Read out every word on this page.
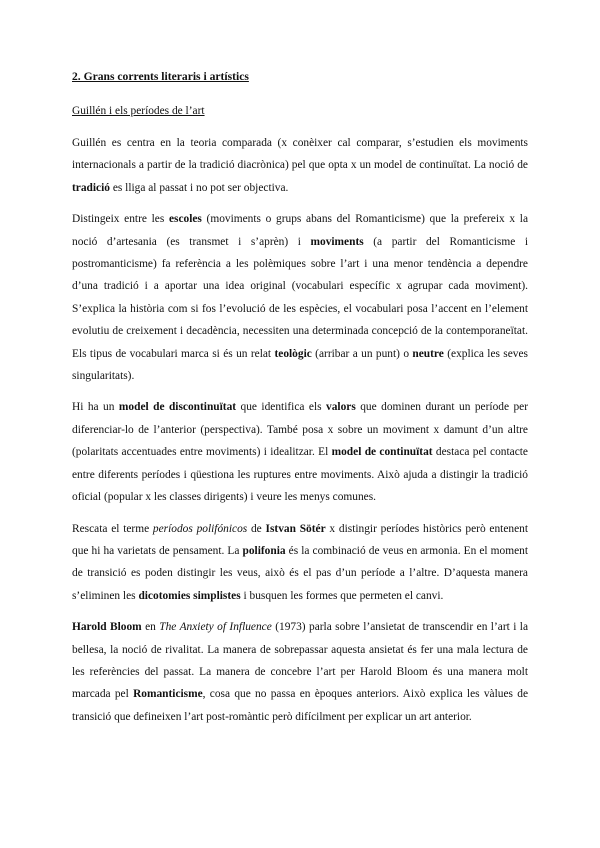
2. Grans corrents literaris i artístics

Guillén i els períodes de l’art

Guillén es centra en la teoria comparada (x conèixer cal comparar, s’estudien els moviments internacionals a partir de la tradició diacrònica) pel que opta x un model de continuïtat. La noció de tradició es lliga al passat i no pot ser objectiva.

Distingeix entre les escoles (moviments o grups abans del Romanticisme) que la prefereix x la noció d’artesania (es transmet i s’aprèn) i moviments (a partir del Romanticisme i postromanticisme) fa referència a les polèmiques sobre l’art i una menor tendència a dependre d’una tradició i a aportar una idea original (vocabulari específic x agrupar cada moviment). S’explica la història com si fos l’evolució de les espècies, el vocabulari posa l’accent en l’element evolutiu de creixement i decadència, necessiten una determinada concepció de la contemporaneïtat. Els tipus de vocabulari marca si és un relat teològic (arribar a un punt) o neutre (explica les seves singularitats).

Hi ha un model de discontinuïtat que identifica els valors que dominen durant un període per diferenciar-lo de l’anterior (perspectiva). També posa x sobre un moviment x damunt d’un altre (polaritats accentuades entre moviments) i idealitzar. El model de continuïtat destaca pel contacte entre diferents períodes i qüestiona les ruptures entre moviments. Això ajuda a distingir la tradició oficial (popular x les classes dirigents) i veure les menys comunes.

Rescata el terme períodos polifónicos de Istvan Sötér x distingir períodes històrics però entenent que hi ha varietats de pensament. La polifonia és la combinació de veus en armonia. En el moment de transició es poden distingir les veus, això és el pas d’un període a l’altre. D’aquesta manera s’eliminen les dicotomies simplistes i busquen les formes que permeten el canvi.

Harold Bloom en The Anxiety of Influence (1973) parla sobre l’ansietat de transcendir en l’art i la bellesa, la noció de rivalitat. La manera de sobrepassar aquesta ansietat és fer una mala lectura de les referències del passat. La manera de concebre l’art per Harold Bloom és una manera molt marcada pel Romanticisme, cosa que no passa en èpoques anteriors. Això explica les vàlues de transició que defineixen l’art post-romàntic però difícilment per explicar un art anterior.
